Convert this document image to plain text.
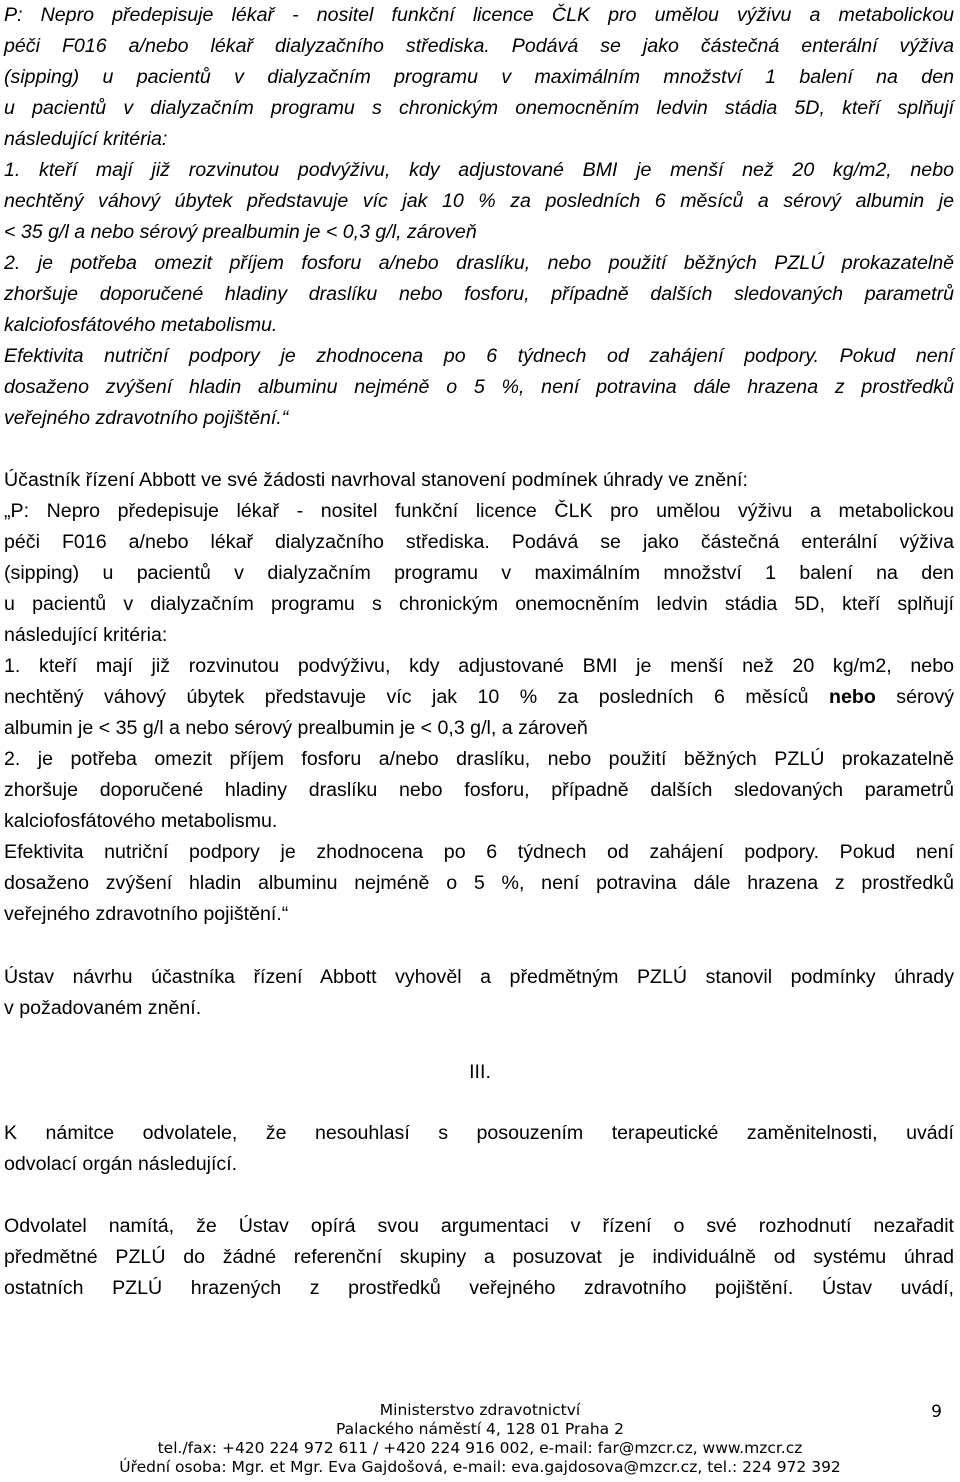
P: Nepro předepisuje lékař - nositel funkční licence ČLK pro umělou výživu a metabolickou
péči F016 a/nebo lékař dialyzačního střediska. Podává se jako částečná enterální výživa
(sipping) u pacientů v dialyzačním programu v maximálním množství 1 balení na den
u pacientů v dialyzačním programu s chronickým onemocněním ledvin stádia 5D, kteří splňují
následující kritéria:
1. kteří mají již rozvinutou podvýživu, kdy adjustované BMI je menší než 20 kg/m2, nebo
nechtěný váhový úbytek představuje víc jak 10 % za posledních 6 měsíců a sérový albumin je
< 35 g/l a nebo sérový prealbumin je < 0,3 g/l, zároveň
2. je potřeba omezit příjem fosforu a/nebo draslíku, nebo použití běžných PZLÚ prokazatelně
zhoršuje doporučené hladiny draslíku nebo fosforu, případně dalších sledovaných parametrů
kalciofosfátového metabolismu.
Efektivita nutriční podpory je zhodnocena po 6 týdnech od zahájení podpory. Pokud není
dosaženo zvýšení hladin albuminu nejméně o 5 %, není potravina dále hrazena z prostředků
veřejného zdravotního pojištění.“
Účastník řízení Abbott ve své žádosti navrhoval stanovení podmínek úhrady ve znění:
„P: Nepro předepisuje lékař - nositel funkční licence ČLK pro umělou výživu a metabolickou
péči F016 a/nebo lékař dialyzačního střediska. Podává se jako částečná enterální výživa
(sipping) u pacientů v dialyzačním programu v maximálním množství 1 balení na den
u pacientů v dialyzačním programu s chronickým onemocněním ledvin stádia 5D, kteří splňují
následující kritéria:
1. kteří mají již rozvinutou podvýživu, kdy adjustované BMI je menší než 20 kg/m2, nebo
nechtěný váhový úbytek představuje víc jak 10 % za posledních 6 měsíců nebo sérový
albumin je < 35 g/l a nebo sérový prealbumin je < 0,3 g/l, a zároveň
2. je potřeba omezit příjem fosforu a/nebo draslíku, nebo použití běžných PZLÚ prokazatelně
zhoršuje doporučené hladiny draslíku nebo fosforu, případně dalších sledovaných parametrů
kalciofosfátového metabolismu.
Efektivita nutriční podpory je zhodnocena po 6 týdnech od zahájení podpory. Pokud není
dosaženo zvýšení hladin albuminu nejméně o 5 %, není potravina dále hrazena z prostředků
veřejného zdravotního pojištění.“
Ústav návrhu účastníka řízení Abbott vyhověl a předmětným PZLÚ stanovil podmínky úhrady
v požadovaném znění.
III.
K námitce odvolatele, že nesouhlasí s posouzením terapeutické zaměnitelnosti, uvádí
odvolací orgán následující.
Odvolatel namítá, že Ústav opírá svou argumentaci v řízení o své rozhodnutí nezařadit
předmětné PZLÚ do žádné referenční skupiny a posuzovat je individuálně od systému úhrad
ostatních PZLÚ hrazených z prostředků veřejného zdravotního pojištění. Ústav uvádí,
Ministerstvo zdravotnictví
Palackého náměstí 4, 128 01 Praha 2
tel./fax: +420 224 972 611 / +420 224 916 002, e-mail: far@mzcr.cz, www.mzcr.cz
Úřední osoba: Mgr. et Mgr. Eva Gajdošová, e-mail: eva.gajdosova@mzcr.cz, tel.: 224 972 392
9
